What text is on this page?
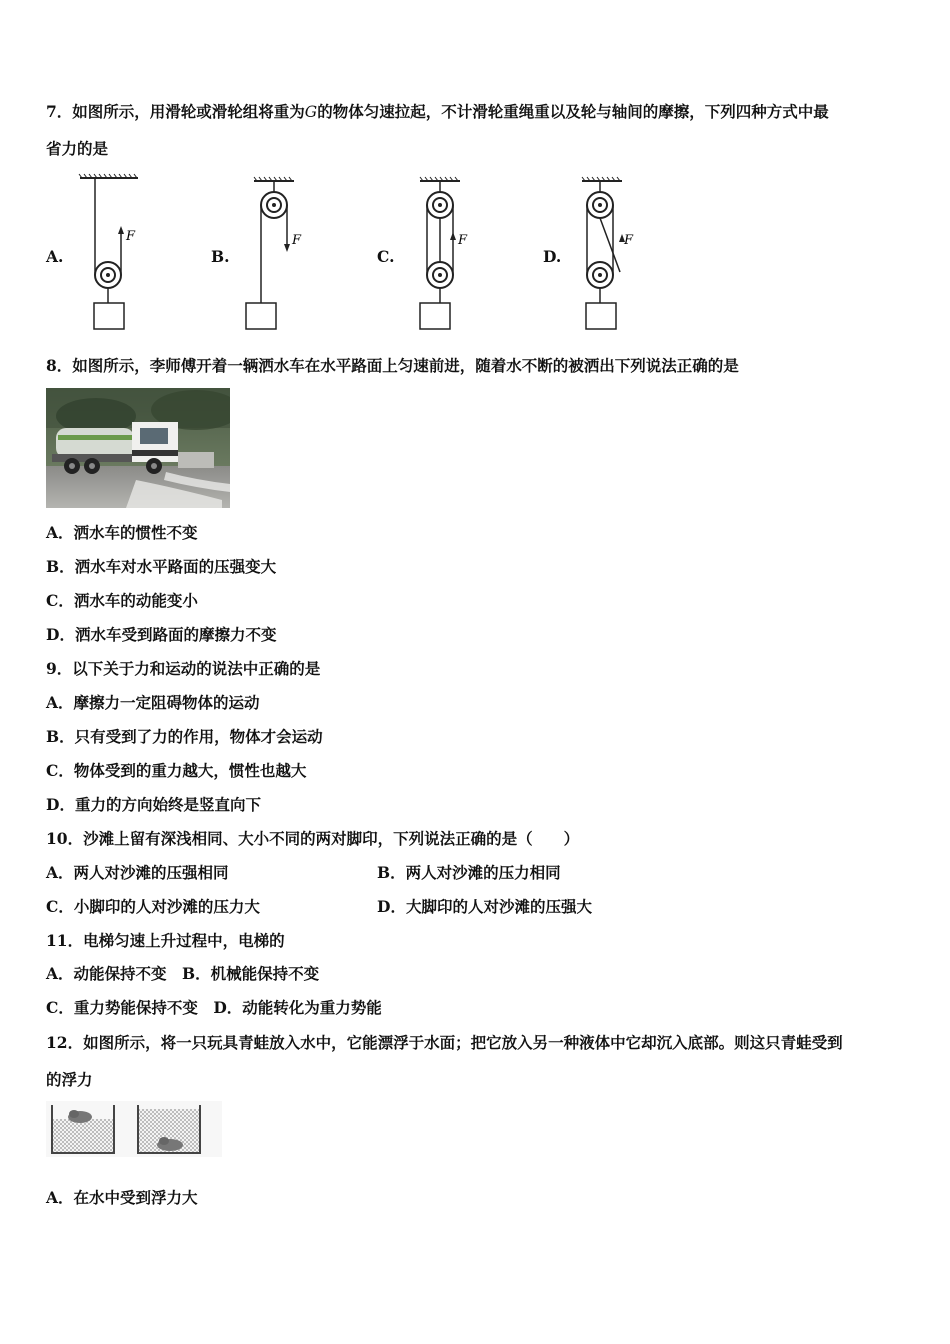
7．如图所示，用滑轮或滑轮组将重为G的物体匀速拉起，不计滑轮重绳重以及轮与轴间的摩擦，下列四种方式中最
省力的是
A.	B.	C.	D.
F	F	F	F
8．如图所示，李师傅开着一辆洒水车在水平路面上匀速前进，随着水不断的被洒出下列说法正确的是
A．洒水车的惯性不变
B．洒水车对水平路面的压强变大
C．洒水车的动能变小
D．洒水车受到路面的摩擦力不变
9．以下关于力和运动的说法中正确的是
A．摩擦力一定阻碍物体的运动
B．只有受到了力的作用，物体才会运动
C．物体受到的重力越大，惯性也越大
D．重力的方向始终是竖直向下
10．沙滩上留有深浅相同、大小不同的两对脚印，下列说法正确的是（　　）
A．两人对沙滩的压强相同	B．两人对沙滩的压力相同
C．小脚印的人对沙滩的压力大	D．大脚印的人对沙滩的压强大
11．电梯匀速上升过程中，电梯的
A．动能保持不变　B．机械能保持不变
C．重力势能保持不变　D．动能转化为重力势能
12．如图所示，将一只玩具青蛙放入水中，它能漂浮于水面；把它放入另一种液体中它却沉入底部。则这只青蛙受到
的浮力
A．在水中受到浮力大
